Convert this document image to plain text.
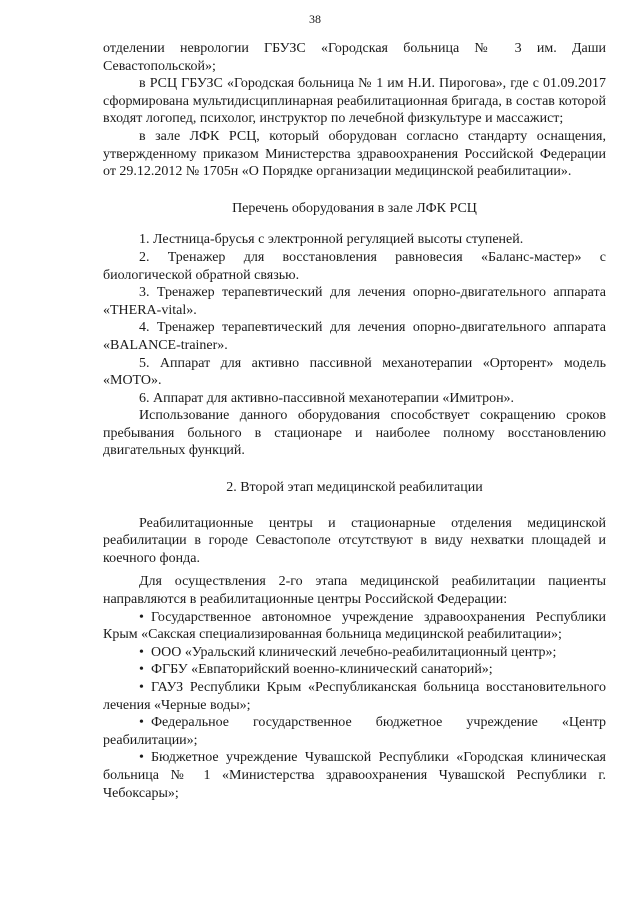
38

отделении неврологии ГБУЗС «Городская больница № 3 им. Даши Севастопольской»;

в РСЦ ГБУЗС «Городская больница № 1 им Н.И. Пирогова», где с 01.09.2017 сформирована мультидисциплинарная реабилитационная бригада, в состав которой входят логопед, психолог, инструктор по лечебной физкультуре и массажист;

в зале ЛФК РСЦ, который оборудован согласно стандарту оснащения, утвержденному приказом Министерства здравоохранения Российской Федерации от 29.12.2012 № 1705н «О Порядке организации медицинской реабилитации».

Перечень оборудования в зале ЛФК РСЦ

1. Лестница-брусья с электронной регуляцией высоты ступеней.

2. Тренажер для восстановления равновесия «Баланс-мастер» с биологической обратной связью.

3. Тренажер терапевтический для лечения опорно-двигательного аппарата «THERA-vital».

4. Тренажер терапевтический для лечения опорно-двигательного аппарата «BALANCE-trainer».

5. Аппарат для активно пассивной механотерапии «Орторент» модель «МОТО».

6. Аппарат для активно-пассивной механотерапии «Имитрон».

Использование данного оборудования способствует сокращению сроков пребывания больного в стационаре и наиболее полному восстановлению двигательных функций.

2. Второй этап медицинской реабилитации

Реабилитационные центры и стационарные отделения медицинской реабилитации в городе Севастополе отсутствуют в виду нехватки площадей и коечного фонда.

Для осуществления 2-го этапа медицинской реабилитации пациенты направляются в реабилитационные центры Российской Федерации:

• Государственное автономное учреждение здравоохранения Республики Крым «Сакская специализированная больница медицинской реабилитации»;

• ООО «Уральский клинический лечебно-реабилитационный центр»;

• ФГБУ «Евпаторийский военно-клинический санаторий»;

• ГАУЗ Республики Крым «Республиканская больница восстановительного лечения «Черные воды»;

• Федеральное государственное бюджетное учреждение «Центр реабилитации»;

• Бюджетное учреждение Чувашской Республики «Городская клиническая больница № 1 «Министерства здравоохранения Чувашской Республики г. Чебоксары»;
